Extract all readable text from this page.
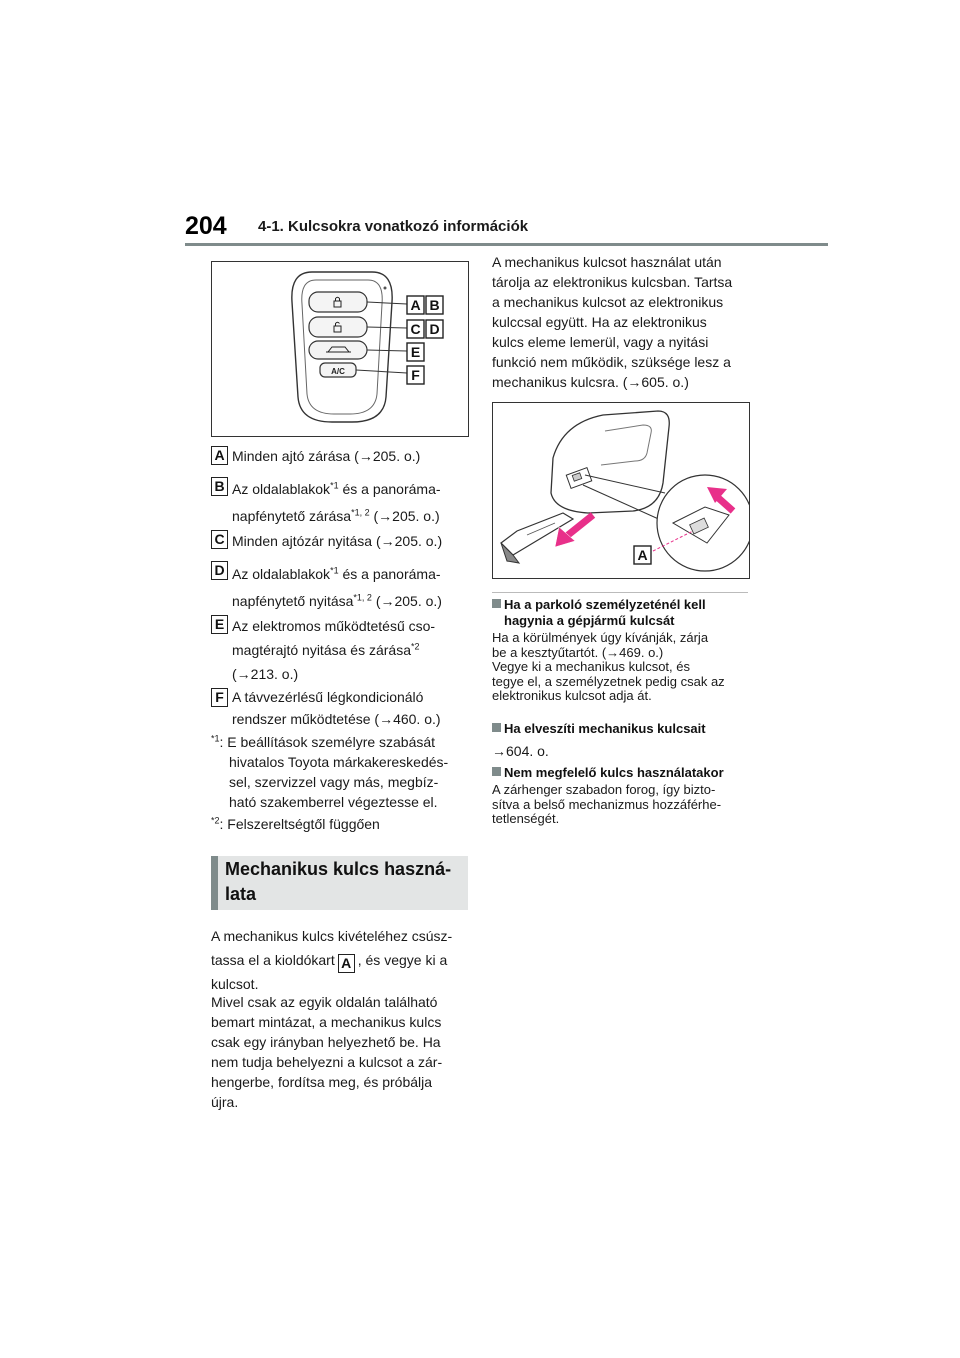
204 4-1. Kulcsokra vonatkozó információk
A/C
A B
C D
E
F
A Minden ajtó zárása (→205. o.)
B Az oldalablakok$^{*1}$ és a panoráma-
napfénytető zárása$^{*1, 2}$ (→205. o.)
C Minden ajtózár nyitása (→205. o.)
D Az oldalablakok$^{*1}$ és a panoráma-
napfénytető nyitása$^{*1, 2}$ (→205. o.)
E Az elektromos működtetésű cso-
magtérajtó nyitása és zárása$^{*2}$
(→213. o.)
F A távvezérlésű légkondicionáló
rendszer működtetése (→460. o.)
$^{*1}$: E beállítások személyre szabását
hivatalos Toyota márkakereskedés-
sel, szervizzel vagy más, megbíz-
ható szakemberrel végeztesse el.
$^{*2}$: Felszereltségtől függően
Mechanikus kulcs haszná-
lata
A mechanikus kulcs kivételéhez csúsz-
tassa el a kioldókart A , és vegye ki a
kulcsot.
Mivel csak az egyik oldalán található
bemart mintázat, a mechanikus kulcs
csak egy irányban helyezhető be. Ha
nem tudja behelyezni a kulcsot a zár-
hengerbe, fordítsa meg, és próbálja
újra.
A mechanikus kulcsot használat után
tárolja az elektronikus kulcsban. Tartsa
a mechanikus kulcsot az elektronikus
kulccsal együtt. Ha az elektronikus
kulcs eleme lemerül, vagy a nyitási
funkció nem működik, szüksége lesz a
mechanikus kulcsra. (→605. o.)
A
Ha a parkoló személyzeténél kell
hagynia a gépjármű kulcsát
Ha a körülmények úgy kívánják, zárja
be a kesztyűtartót. (→469. o.)
Vegye ki a mechanikus kulcsot, és
tegye el, a személyzetnek pedig csak az
elektronikus kulcsot adja át.
Ha elveszíti mechanikus kulcsait
→604. o.
Nem megfelelő kulcs használatakor
A zárhenger szabadon forog, így bizto-
sítva a belső mechanizmus hozzáférhe-
tetlenségét.
